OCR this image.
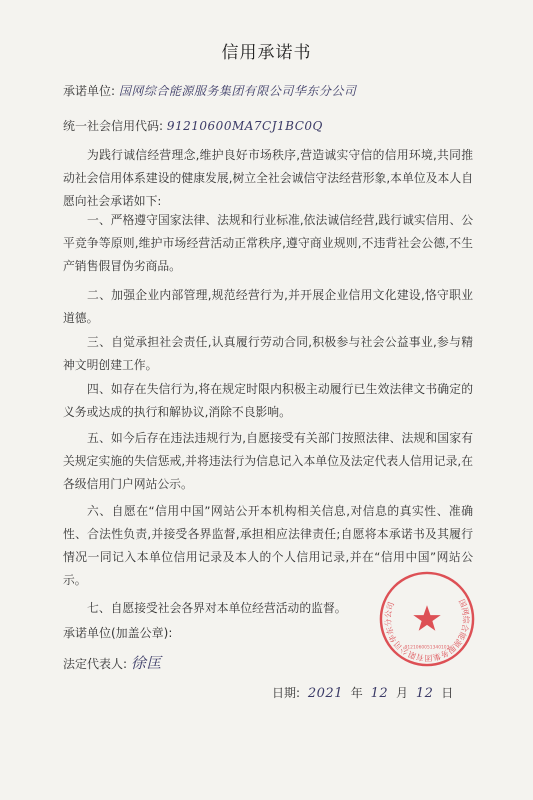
信用承诺书
承诺单位: 国网综合能源服务集团有限公司华东分公司
统一社会信用代码: 91210600MA7CJ1BC0Q

为践行诚信经营理念,维护良好市场秩序,营造诚实守信的信用环境,共同推动社会信用体系建设的健康发展,树立全社会诚信守法经营形象,本单位及本人自愿向社会承诺如下:

一、严格遵守国家法律、法规和行业标准,依法诚信经营,践行诚实信用、公平竞争等原则,维护市场经营活动正常秩序,遵守商业规则,不违背社会公德,不生产销售假冒伪劣商品。

二、加强企业内部管理,规范经营行为,并开展企业信用文化建设,恪守职业道德。

三、自觉承担社会责任,认真履行劳动合同,积极参与社会公益事业,参与精神文明创建工作。

四、如存在失信行为,将在规定时限内积极主动履行已生效法律文书确定的义务或达成的执行和解协议,消除不良影响。

五、如今后存在违法违规行为,自愿接受有关部门按照法律、法规和国家有关规定实施的失信惩戒,并将违法行为信息记入本单位及法定代表人信用记录,在各级信用门户网站公示。

六、自愿在“信用中国”网站公开本机构相关信息,对信息的真实性、准确性、合法性负责,并接受各界监督,承担相应法律责任;自愿将本承诺书及其履行情况一同记入本单位信用记录及本人的个人信用记录,并在“信用中国”网站公示。

七、自愿接受社会各界对本单位经营活动的监督。

承诺单位(加盖公章):
法定代表人: 徐匡
国网综合能源服务集团有限公司华东分公司
9121060051340103
日期: 2021 年 12 月 12 日
